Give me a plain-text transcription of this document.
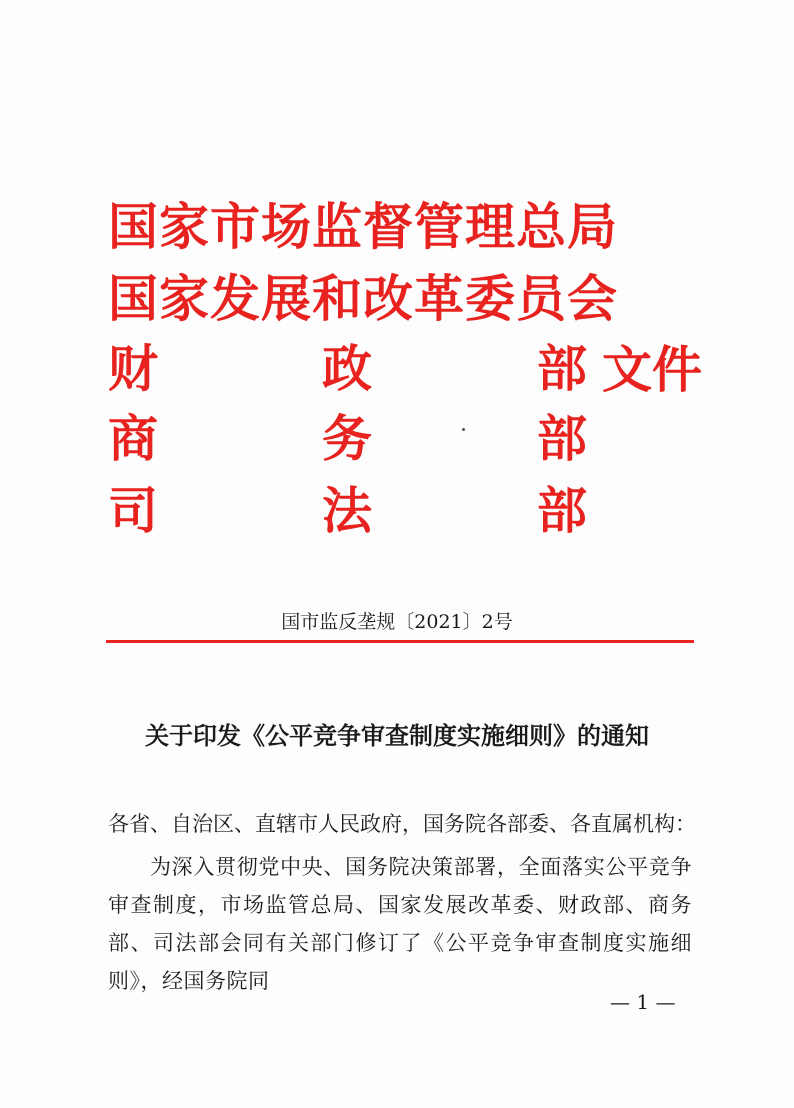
国家市场监督管理总局
国家发展和改革委员会
财	政	部 文件
商	务	部
司	法	部
国市监反垄规〔2021〕2号
关于印发《公平竞争审查制度实施细则》的通知
各省、自治区、直辖市人民政府，国务院各部委、各直属机构：
为深入贯彻党中央、国务院决策部署，全面落实公平竞争审查制度，市场监管总局、国家发展改革委、财政部、商务部、司法部会同有关部门修订了《公平竞争审查制度实施细则》，经国务院同
— 1 —
